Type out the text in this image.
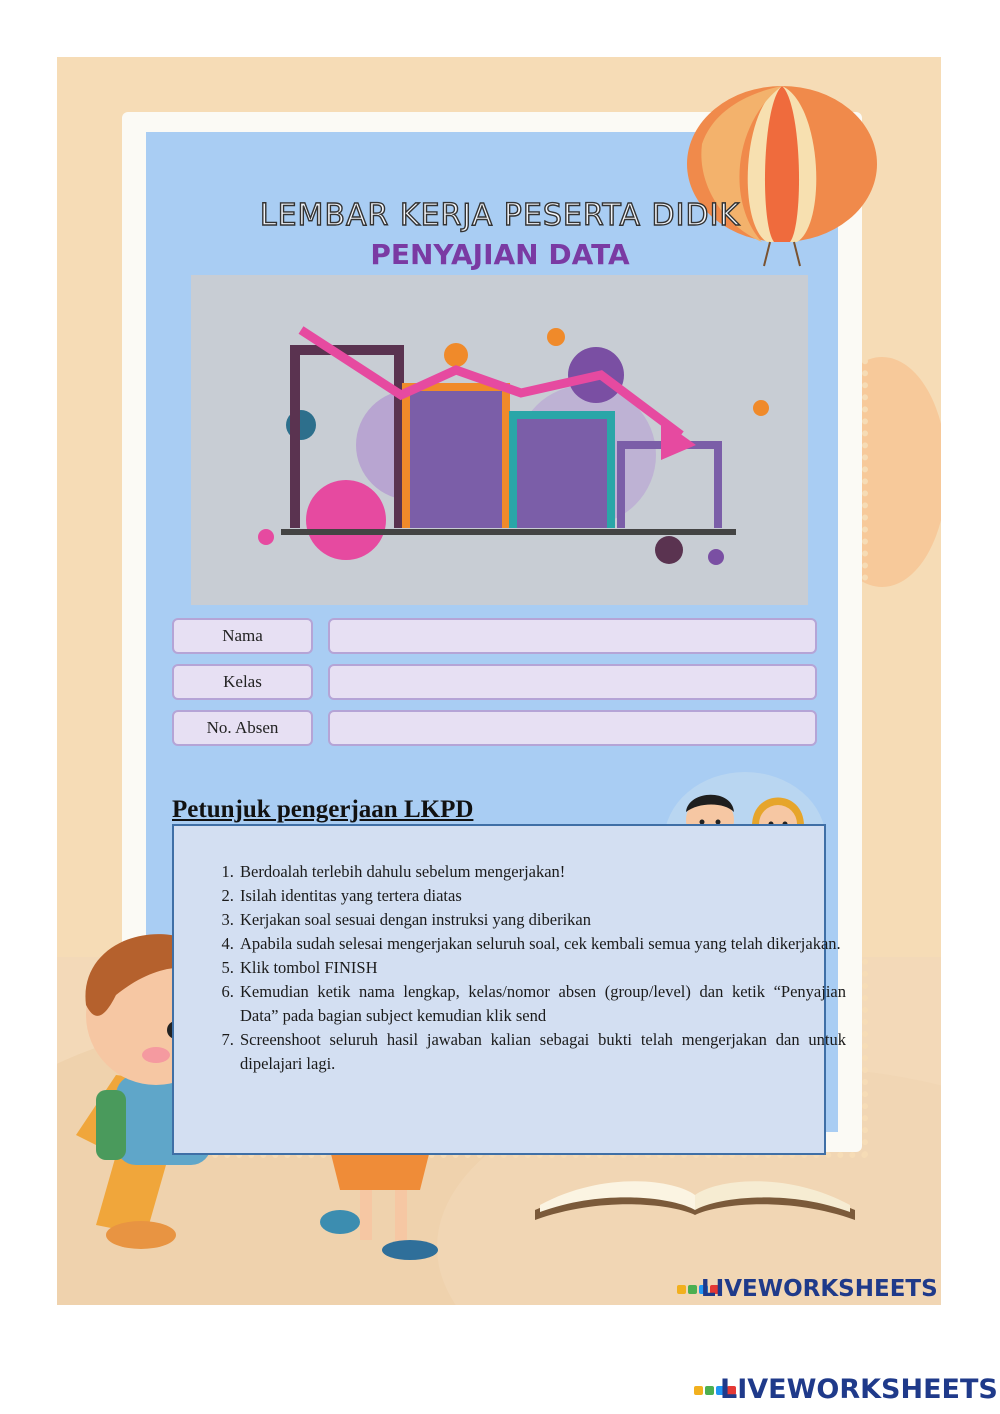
LEMBAR KERJA PESERTA DIDIK
PENYAJIAN DATA
Nama
Kelas
No. Absen
Petunjuk pengerjaan LKPD
1. Berdoalah terlebih dahulu sebelum mengerjakan!
2. Isilah identitas yang tertera diatas
3. Kerjakan soal sesuai dengan instruksi yang diberikan
4. Apabila sudah selesai mengerjakan seluruh soal, cek kembali semua yang telah dikerjakan.
5. Klik tombol FINISH
6. Kemudian ketik nama lengkap, kelas/nomor absen (group/level) dan ketik “Penyajian Data” pada bagian subject kemudian klik send
7. Screenshoot seluruh hasil jawaban kalian sebagai bukti telah mengerjakan dan untuk dipelajari lagi.
LIVEWORKSHEETS
LIVEWORKSHEETS
